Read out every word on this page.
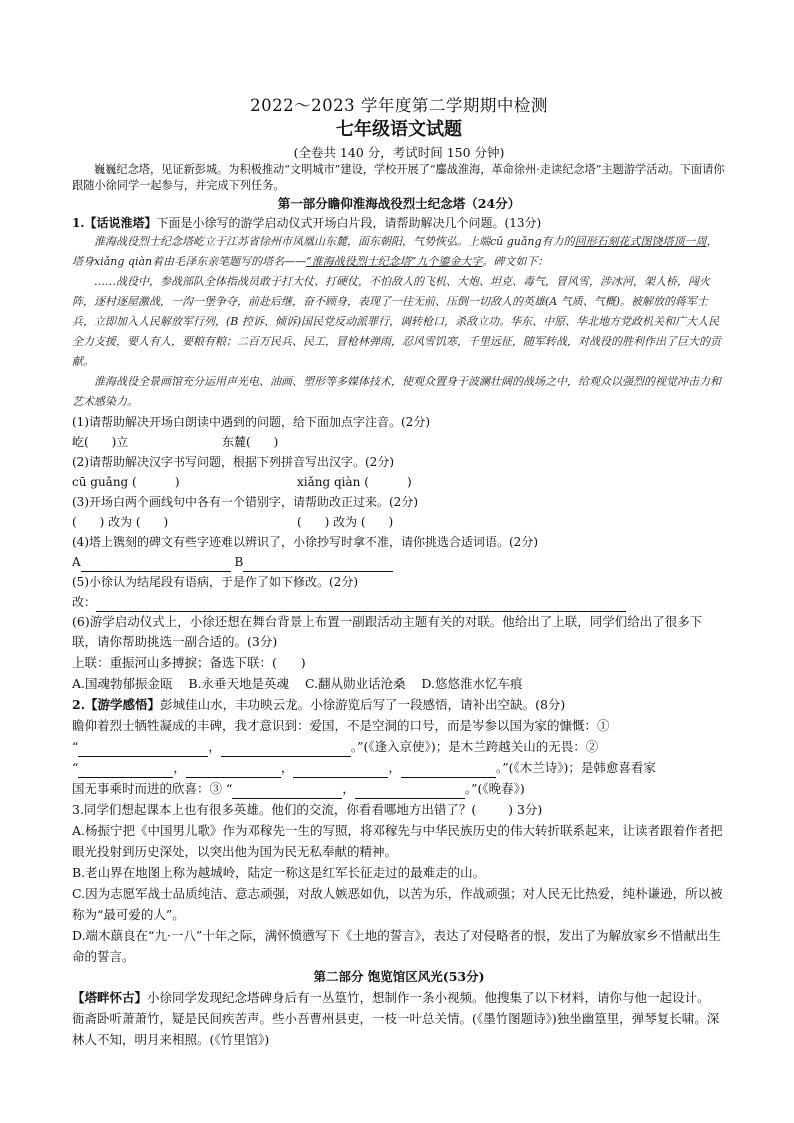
2022～2023 学年度第二学期期中检测

七年级语文试题

(全卷共 140 分，考试时间 150 分钟)

巍巍纪念塔，见证新彭城。为积极推动“文明城市”建设，学校开展了“鏖战淮海，革命徐州·走读纪念塔”主题游学活动。下面请你跟随小徐同学一起参与，并完成下列任务。

第一部分瞻仰淮海战役烈士纪念塔（24分）

1.【话说淮塔】下面是小徐写的游学启动仪式开场白片段，请帮助解决几个问题。(13分)

淮海战役烈士纪念塔屹立于江苏省徐州市凤凰山东麓，面东朝阳，气势恢弘。上端cū guǎng有力的回形石刻花式图饶塔顶一周，塔身xiǎng qiàn着由毛泽东亲笔题写的塔名——“淮海战役烈士纪念塔”九个鎏金大字。碑文如下：

……战役中，参战部队全体指战员敢于打大仗、打硬仗，不怕敌人的飞机、大炮、坦克、毒气，冒风雪，涉冰河，架人桥，闯火阵，逐村逐屋激战，一沟一堡争夺，前赴后继，奋不顾身，表现了一往无前、压倒一切敌人的英雄(A 气质、气概)。被解放的蒋军士兵，立即加入人民解放军行列，(B 控诉、倾诉)国民党反动派罪行，调转枪口，杀敌立功。华东、中原、华北地方党政机关和广大人民全力支援，要人有人，要粮有粮；二百万民兵、民工，冒枪林弹雨，忍风雪饥寒，千里远征，随军转战，对战役的胜利作出了巨大的贡献。

淮海战役全景画馆充分运用声光电、油画、塑形等多媒体技术，使观众置身于波澜壮阔的战场之中，给观众以强烈的视觉冲击力和艺术感染力。

(1)请帮助解决开场白朗读中遇到的问题，给下面加点字注音。(2分)

屹(      )立	东麓(      )

(2)请帮助解决汉字书写问题，根据下列拼音写出汉字。(2分)

cū guǎng (          )	xiǎng qiàn (          )

(3)开场白两个画线句中各有一个错别字，请帮助改正过来。(2分)

(      ) 改为 (      )	(      ) 改为 (      )

(4)塔上镌刻的碑文有些字迹难以辨识了，小徐抄写时拿不准，请你挑选合适词语。(2分)

A	B

(5)小徐认为结尾段有语病，于是作了如下修改。(2分)

改：

(6)游学启动仪式上，小徐还想在舞台背景上布置一副跟活动主题有关的对联。他给出了上联，同学们给出了很多下联，请你帮助挑选一副合适的。(3分)

上联：重振河山多搏捩；备选下联：(      )

A.国魂勃郁振金瓯    B.永垂天地是英魂    C.翻从勋业话沧桑    D.悠悠淮水忆车痕

2.【游学感悟】彭城佳山水，丰功映云龙。小徐游览后写了一段感悟，请补出空缺。(8分)

瞻仰着烈士牺牲凝成的丰碑，我才意识到：爱国，不是空洞的口号，而是岑参以国为家的慷慨：①

“	，	。”(《逢入京使》)；是木兰跨越关山的无畏：②

“	，	，	，	。”(《木兰诗》)；是韩愈喜看家

国无事乘时而进的欣喜：③ “	，	。”(《晚春》)

3.同学们想起课本上也有很多英雄。他们的交流，你看看哪地方出错了？(        ) 3分)

A.杨振宁把《中国男儿歌》作为邓稼先一生的写照，将邓稼先与中华民族历史的伟大转折联系起来，让读者跟着作者把眼光投射到历史深处，以突出他为国为民无私奉献的精神。

B.老山界在地图上称为越城岭，陆定一称这是红军长征走过的最难走的山。

C.因为志愿军战士品质纯洁、意志顽强，对敌人嫉恶如仇，以苦为乐，作战顽强；对人民无比热爱，纯朴谦逊，所以被称为“最可爱的人”。

D.端木蕻良在“九·一八”十年之际，满怀愤懑写下《土地的誓言》，表达了对侵略者的恨，发出了为解放家乡不惜献出生命的誓言。

第二部分 饱览馆区风光(53分)

【塔畔怀古】小徐同学发现纪念塔碑身后有一丛篁竹，想制作一条小视频。他搜集了以下材料，请你与他一起设计。

衙斋卧听萧萧竹，疑是民间疾苦声。些小吾曹州县吏，一枝一叶总关情。(《墨竹图题诗》)独坐幽篁里，弹琴复长啸。深林人不知，明月来相照。(《竹里馆》)
